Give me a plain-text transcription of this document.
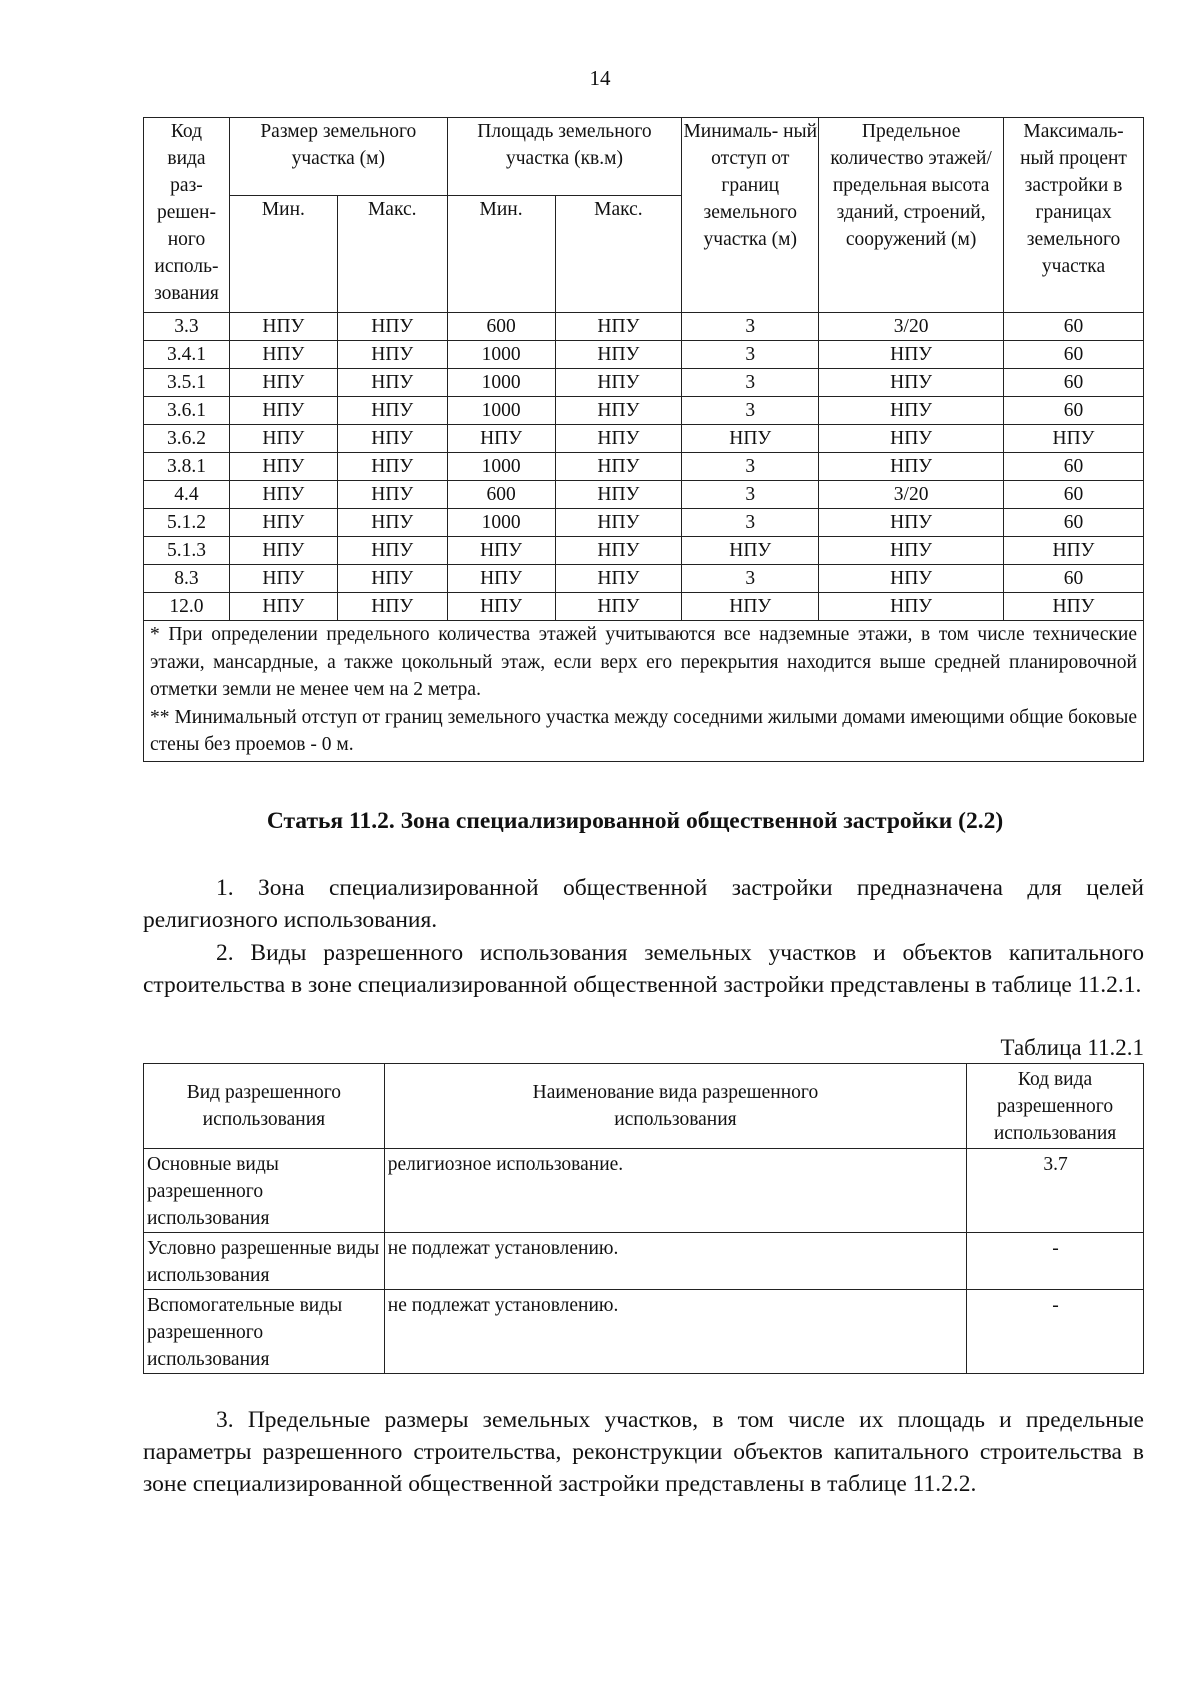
14
Код вида раз- решен- ного исполь- зования	Размер земельного участка (м)		Площадь земельного участка (кв.м)		Минималь- ный отступ от границ земельного участка (м)	Предельное количество этажей/ предельная высота зданий, строений, сооружений (м)	Максималь- ный процент застройки в границах земельного участка
	Мин.	Макс.	Мин.	Макс.			
3.3	НПУ	НПУ	600	НПУ	3	3/20	60
3.4.1	НПУ	НПУ	1000	НПУ	3	НПУ	60
3.5.1	НПУ	НПУ	1000	НПУ	3	НПУ	60
3.6.1	НПУ	НПУ	1000	НПУ	3	НПУ	60
3.6.2	НПУ	НПУ	НПУ	НПУ	НПУ	НПУ	НПУ
3.8.1	НПУ	НПУ	1000	НПУ	3	НПУ	60
4.4	НПУ	НПУ	600	НПУ	3	3/20	60
5.1.2	НПУ	НПУ	1000	НПУ	3	НПУ	60
5.1.3	НПУ	НПУ	НПУ	НПУ	НПУ	НПУ	НПУ
8.3	НПУ	НПУ	НПУ	НПУ	3	НПУ	60
12.0	НПУ	НПУ	НПУ	НПУ	НПУ	НПУ	НПУ

* При определении предельного количества этажей учитываются все надземные этажи, в том числе технические этажи, мансардные, а также цокольный этаж, если верх его перекрытия находится выше средней планировочной отметки земли не менее чем на 2 метра.
** Минимальный отступ от границ земельного участка между соседними жилыми домами имеющими общие боковые стены без проемов - 0 м.							
Статья 11.2. Зона специализированной общественной застройки (2.2)

1. Зона специализированной общественной застройки предназначена для целей религиозного использования.

2. Виды разрешенного использования земельных участков и объектов капитального строительства в зоне специализированной общественной застройки представлены в таблице 11.2.1.

Таблица 11.2.1
Вид разрешенного использования	Наименование вида разрешенного использования	Код вида разрешенного использования
Основные виды разрешенного использования	религиозное использование.	3.7
Условно разрешенные виды использования	не подлежат установлению.	-
Вспомогательные виды разрешенного использования	не подлежат установлению.	-

3. Предельные размеры земельных участков, в том числе их площадь и предельные параметры разрешенного строительства, реконструкции объектов капитального строительства в зоне специализированной общественной застройки представлены в таблице 11.2.2.
